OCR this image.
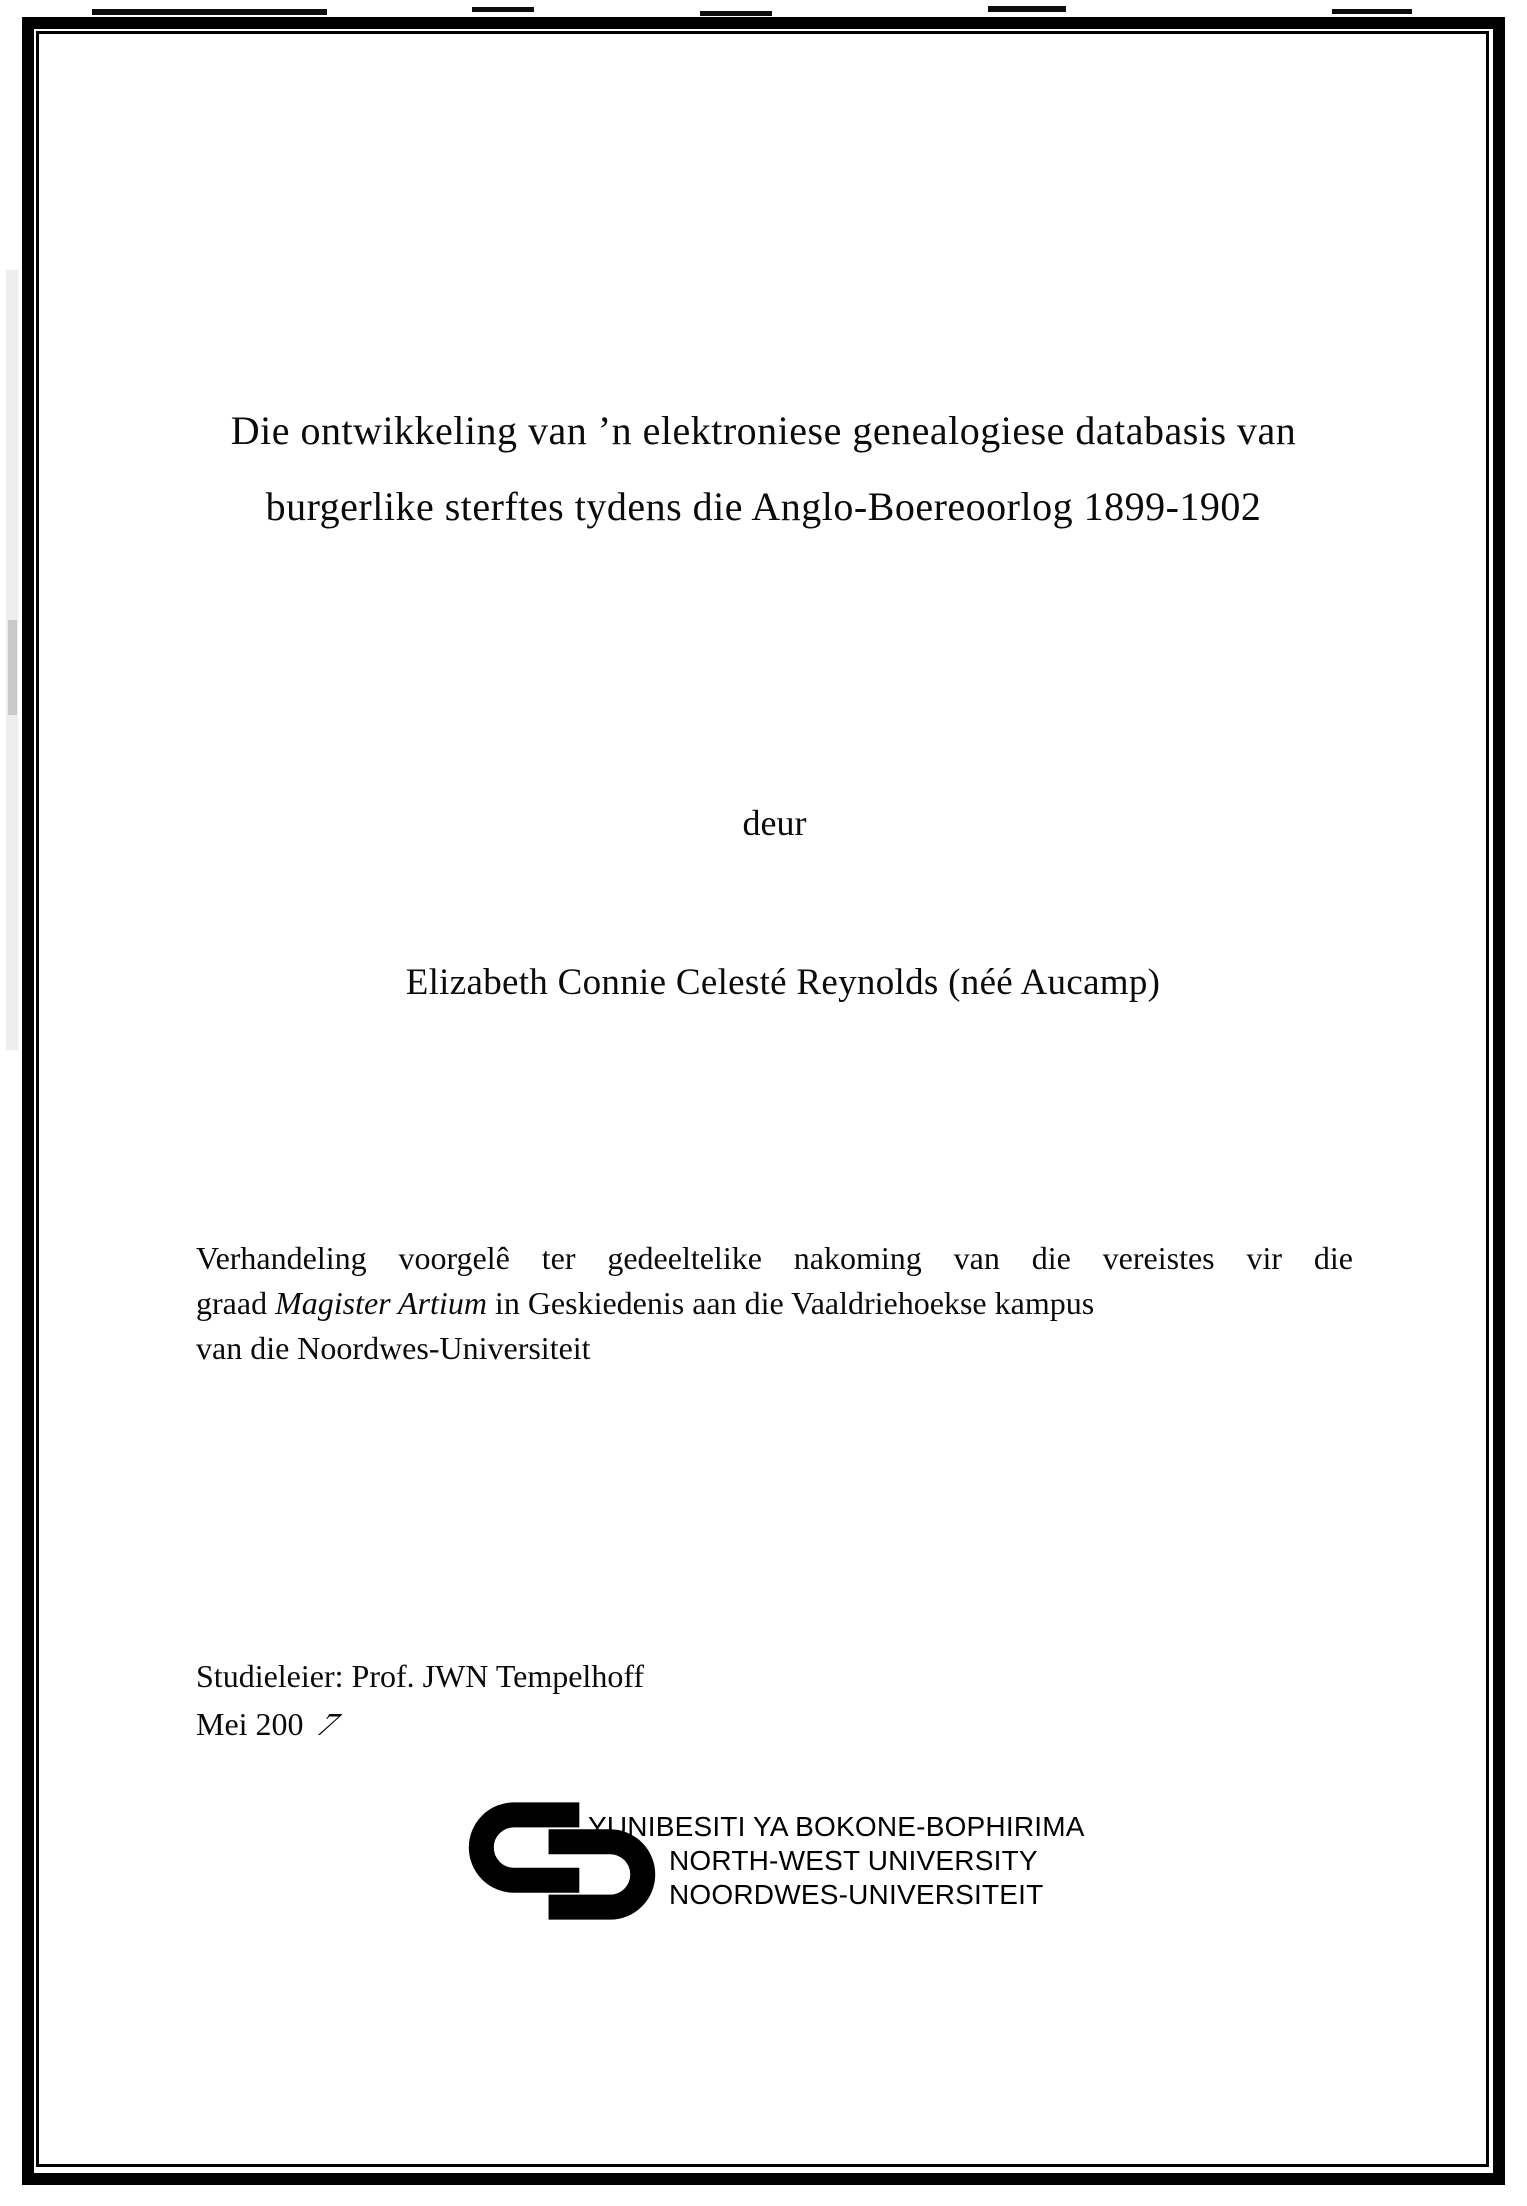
Die ontwikkeling van ’n elektroniese genealogiese databasis van
burgerlike sterftes tydens die Anglo-Boereoorlog 1899-1902
deur
Elizabeth Connie Celesté Reynolds (néé Aucamp)
Verhandeling voorgelê ter gedeeltelike nakoming van die vereistes vir die
graad Magister Artium in Geskiedenis aan die Vaaldriehoekse kampus
van die Noordwes-Universiteit
Studieleier: Prof. JWN Tempelhoff
Mei 200 7
YUNIBESITI YA BOKONE-BOPHIRIMA
NORTH-WEST UNIVERSITY
NOORDWES-UNIVERSITEIT
